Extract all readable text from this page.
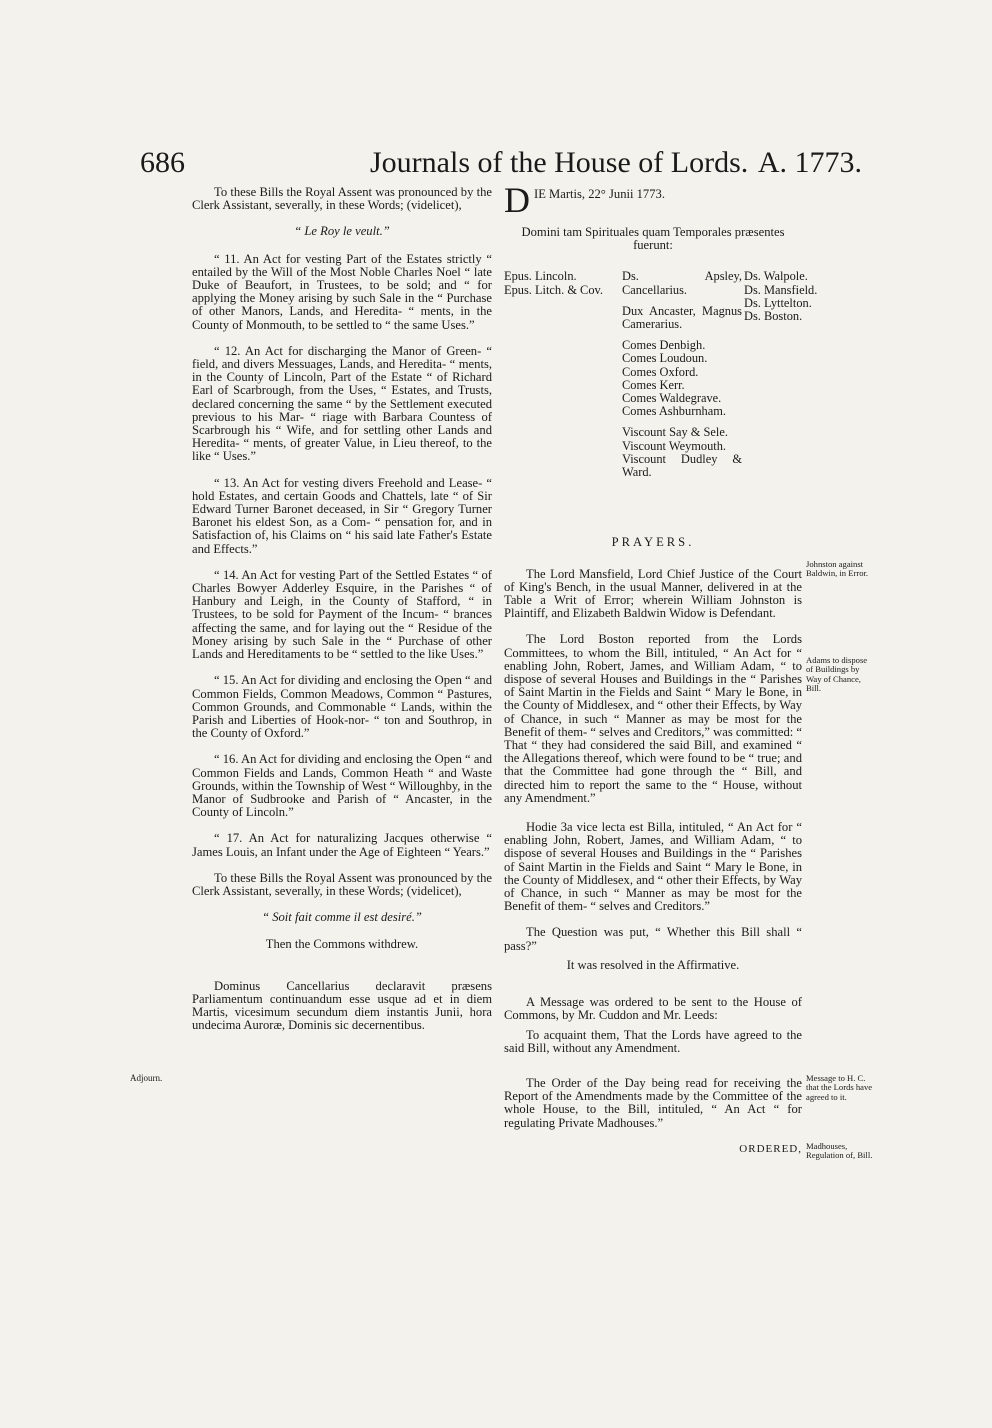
686	Journals of the House of Lords. A. 1773.

To these Bills the Royal Assent was pronounced by the Clerk Assistant, severally, in these Words; (videlicet),

“ Le Roy le veult.”

“ 11. An Act for vesting Part of the Estates strictly “ entailed by the Will of the Most Noble Charles Noel “ late Duke of Beaufort, in Trustees, to be sold; and “ for applying the Money arising by such Sale in the “ Purchase of other Manors, Lands, and Heredita- “ ments, in the County of Monmouth, to be settled to “ the same Uses.”

“ 12. An Act for discharging the Manor of Green- “ field, and divers Messuages, Lands, and Heredita- “ ments, in the County of Lincoln, Part of the Estate “ of Richard Earl of Scarbrough, from the Uses, “ Estates, and Trusts, declared concerning the same “ by the Settlement executed previous to his Mar- “ riage with Barbara Countess of Scarbrough his “ Wife, and for settling other Lands and Heredita- “ ments, of greater Value, in Lieu thereof, to the like “ Uses.”

“ 13. An Act for vesting divers Freehold and Lease- “ hold Estates, and certain Goods and Chattels, late “ of Sir Edward Turner Baronet deceased, in Sir “ Gregory Turner Baronet his eldest Son, as a Com- “ pensation for, and in Satisfaction of, his Claims on “ his said late Father's Estate and Effects.”

“ 14. An Act for vesting Part of the Settled Estates “ of Charles Bowyer Adderley Esquire, in the Parishes “ of Hanbury and Leigh, in the County of Stafford, “ in Trustees, to be sold for Payment of the Incum- “ brances affecting the same, and for laying out the “ Residue of the Money arising by such Sale in the “ Purchase of other Lands and Hereditaments to be “ settled to the like Uses.”

“ 15. An Act for dividing and enclosing the Open “ and Common Fields, Common Meadows, Common “ Pastures, Common Grounds, and Commonable “ Lands, within the Parish and Liberties of Hook-nor- “ ton and Southrop, in the County of Oxford.”

“ 16. An Act for dividing and enclosing the Open “ and Common Fields and Lands, Common Heath “ and Waste Grounds, within the Township of West “ Willoughby, in the Manor of Sudbrooke and Parish of “ Ancaster, in the County of Lincoln.”

“ 17. An Act for naturalizing Jacques otherwise “ James Louis, an Infant under the Age of Eighteen “ Years.”

To these Bills the Royal Assent was pronounced by the Clerk Assistant, severally, in these Words; (videlicet),

“ Soit fait comme il est desiré.”

Then the Commons withdrew.

Dominus Cancellarius declaravit præsens Parliamentum continuandum esse usque ad et in diem Martis, vicesimum secundum diem instantis Junii, hora undecima Auroræ, Dominis sic decernentibus.

D IE Martis, 22° Junii 1773.

Domini tam Spirituales quam Temporales præsentes fuerunt:

Epus. Lincoln.
Epus. Litch. & Cov.
Ds. Apsley, Cancellarius.
Dux Ancaster, Magnus Camerarius.
Comes Denbigh.
Comes Loudoun.
Comes Oxford.
Comes Kerr.
Comes Waldegrave.
Comes Ashburnham.
Viscount Say & Sele.
Viscount Weymouth.
Viscount Dudley & Ward.
Ds. Walpole.
Ds. Mansfield.
Ds. Lyttelton.
Ds. Boston.

PRAYERS.

The Lord Mansfield, Lord Chief Justice of the Court of King's Bench, in the usual Manner, delivered in at the Table a Writ of Error; wherein William Johnston is Plaintiff, and Elizabeth Baldwin Widow is Defendant.

The Lord Boston reported from the Lords Committees, to whom the Bill, intituled, “ An Act for “ enabling John, Robert, James, and William Adam, “ to dispose of several Houses and Buildings in the “ Parishes of Saint Martin in the Fields and Saint “ Mary le Bone, in the County of Middlesex, and “ other their Effects, by Way of Chance, in such “ Manner as may be most for the Benefit of them- “ selves and Creditors,” was committed: “ That “ they had considered the said Bill, and examined “ the Allegations thereof, which were found to be “ true; and that the Committee had gone through the “ Bill, and directed him to report the same to the “ House, without any Amendment.”

Hodie 3a vice lecta est Billa, intituled, “ An Act for “ enabling John, Robert, James, and William Adam, “ to dispose of several Houses and Buildings in the “ Parishes of Saint Martin in the Fields and Saint “ Mary le Bone, in the County of Middlesex, and “ other their Effects, by Way of Chance, in such “ Manner as may be most for the Benefit of them- “ selves and Creditors.”

The Question was put, “ Whether this Bill shall “ pass?”

It was resolved in the Affirmative.

A Message was ordered to be sent to the House of Commons, by Mr. Cuddon and Mr. Leeds:

To acquaint them, That the Lords have agreed to the said Bill, without any Amendment.

The Order of the Day being read for receiving the Report of the Amendments made by the Committee of the whole House, to the Bill, intituled, “ An Act “ for regulating Private Madhouses.”

ORDERED,
Adjourn.
Johnston against Baldwin, in Error.
Adams to dispose of Buildings by Way of Chance, Bill.
Message to H. C. that the Lords have agreed to it.
Madhouses, Regulation of, Bill.
